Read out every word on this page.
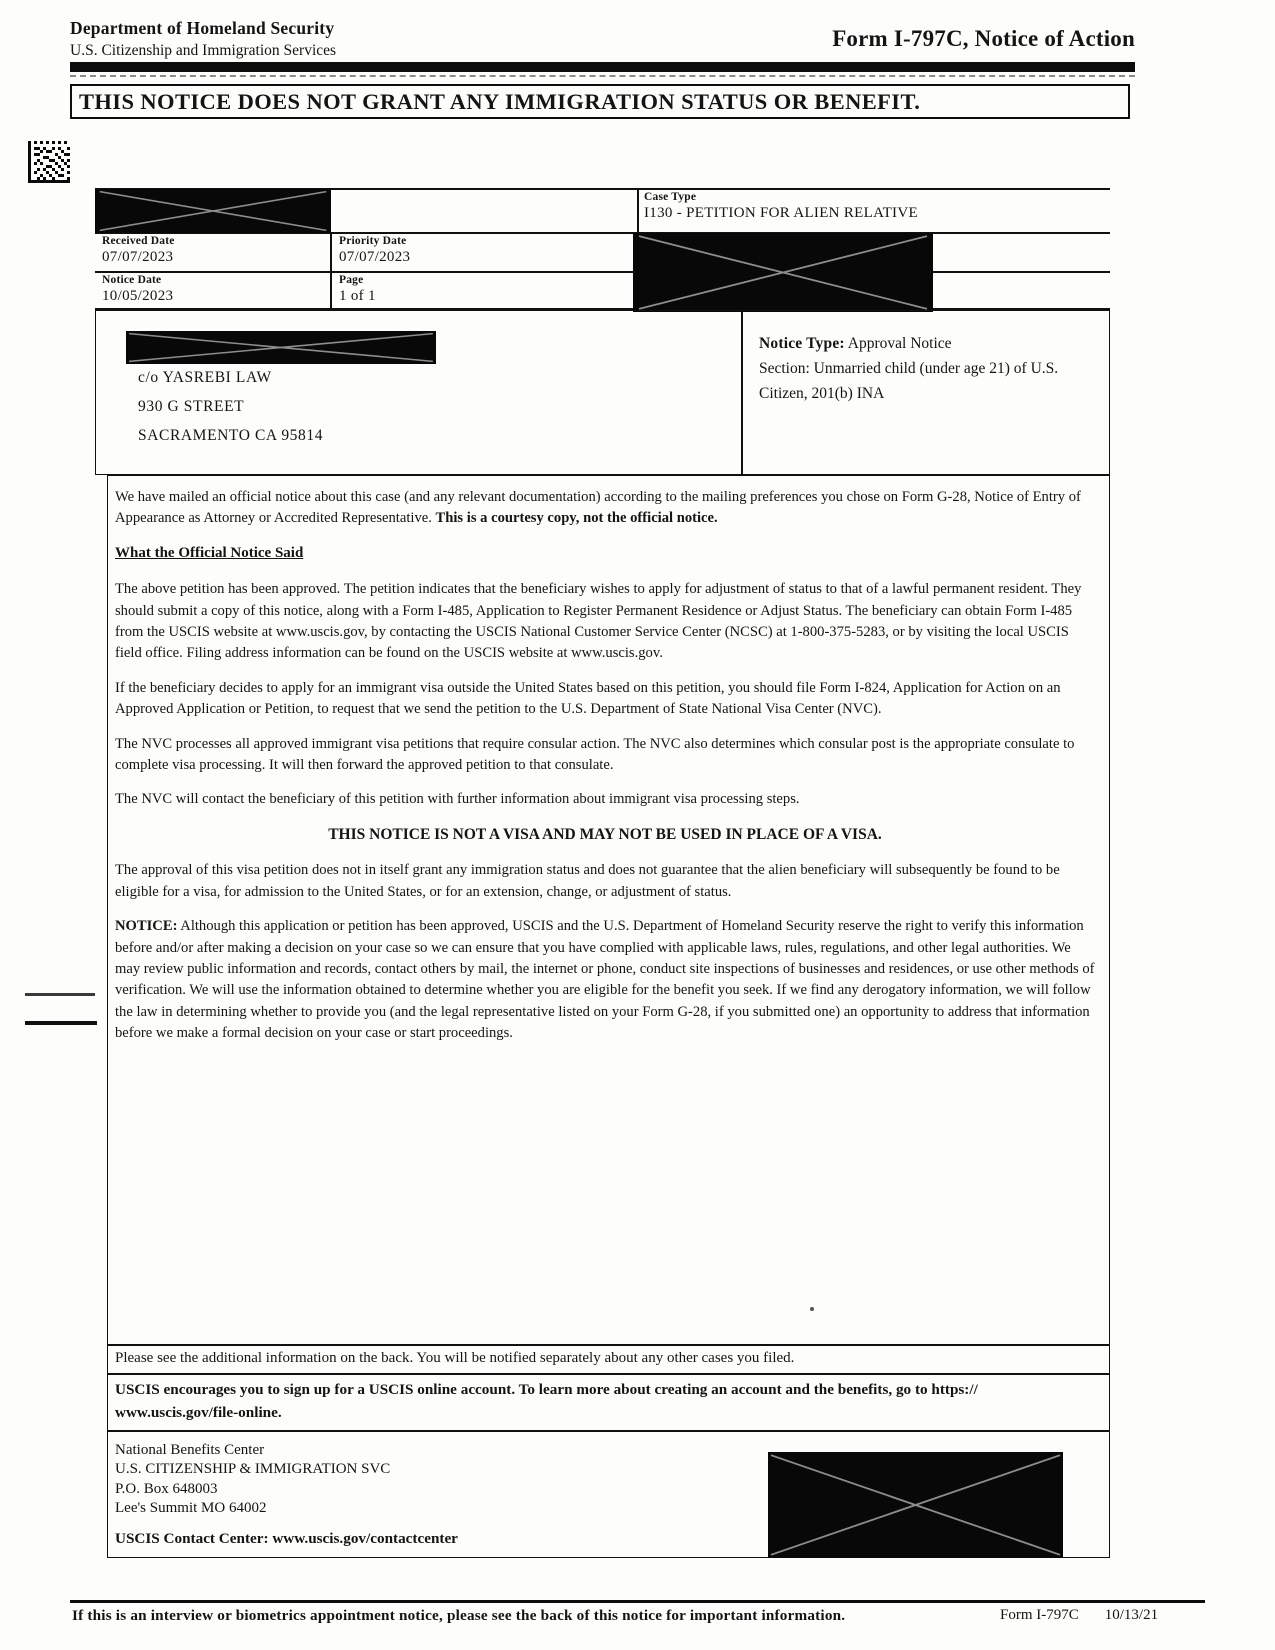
Department of Homeland Security
U.S. Citizenship and Immigration Services	Form I-797C, Notice of Action
THIS NOTICE DOES NOT GRANT ANY IMMIGRATION STATUS OR BENEFIT.
Case Type
I130 - PETITION FOR ALIEN RELATIVE
Received Date
07/07/2023
Priority Date
07/07/2023
Notice Date
10/05/2023
Page
1 of 1
c/o YASREBI LAW
930 G STREET
SACRAMENTO CA 95814
Notice Type: Approval Notice
Section: Unmarried child (under age 21) of U.S. Citizen, 201(b) INA

We have mailed an official notice about this case (and any relevant documentation) according to the mailing preferences you chose on Form G-28, Notice of Entry of Appearance as Attorney or Accredited Representative. This is a courtesy copy, not the official notice.

What the Official Notice Said

The above petition has been approved. The petition indicates that the beneficiary wishes to apply for adjustment of status to that of a lawful permanent resident. They should submit a copy of this notice, along with a Form I-485, Application to Register Permanent Residence or Adjust Status. The beneficiary can obtain Form I-485 from the USCIS website at www.uscis.gov, by contacting the USCIS National Customer Service Center (NCSC) at 1-800-375-5283, or by visiting the local USCIS field office. Filing address information can be found on the USCIS website at www.uscis.gov.

If the beneficiary decides to apply for an immigrant visa outside the United States based on this petition, you should file Form I-824, Application for Action on an Approved Application or Petition, to request that we send the petition to the U.S. Department of State National Visa Center (NVC).

The NVC processes all approved immigrant visa petitions that require consular action. The NVC also determines which consular post is the appropriate consulate to complete visa processing. It will then forward the approved petition to that consulate.

The NVC will contact the beneficiary of this petition with further information about immigrant visa processing steps.

THIS NOTICE IS NOT A VISA AND MAY NOT BE USED IN PLACE OF A VISA.

The approval of this visa petition does not in itself grant any immigration status and does not guarantee that the alien beneficiary will subsequently be found to be eligible for a visa, for admission to the United States, or for an extension, change, or adjustment of status.

NOTICE: Although this application or petition has been approved, USCIS and the U.S. Department of Homeland Security reserve the right to verify this information before and/or after making a decision on your case so we can ensure that you have complied with applicable laws, rules, regulations, and other legal authorities. We may review public information and records, contact others by mail, the internet or phone, conduct site inspections of businesses and residences, or use other methods of verification. We will use the information obtained to determine whether you are eligible for the benefit you seek. If we find any derogatory information, we will follow the law in determining whether to provide you (and the legal representative listed on your Form G-28, if you submitted one) an opportunity to address that information before we make a formal decision on your case or start proceedings.

Please see the additional information on the back. You will be notified separately about any other cases you filed.
USCIS encourages you to sign up for a USCIS online account. To learn more about creating an account and the benefits, go to https://
www.uscis.gov/file-online.
National Benefits Center
U.S. CITIZENSHIP & IMMIGRATION SVC
P.O. Box 648003
Lee's Summit MO 64002
USCIS Contact Center: www.uscis.gov/contactcenter
If this is an interview or biometrics appointment notice, please see the back of this notice for important information.	Form I-797C 10/13/21
